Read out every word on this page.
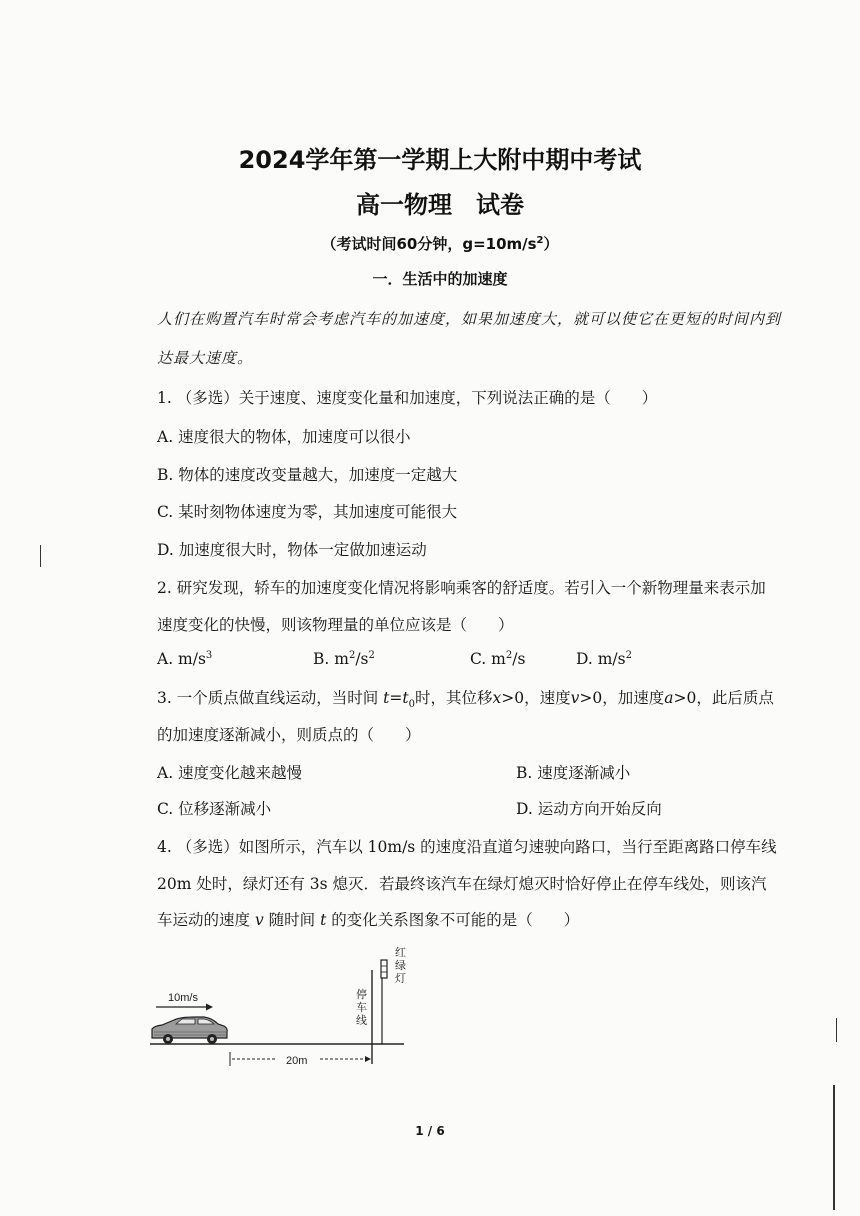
2024学年第一学期上大附中期中考试
高一物理　试卷
（考试时间60分钟，$g=10m/s^2$）
一．生活中的加速度
人们在购置汽车时常会考虑汽车的加速度，如果加速度大，就可以使它在更短的时间内到
达最大速度。
1. （多选）关于速度、速度变化量和加速度，下列说法正确的是（　　）
A. 速度很大的物体，加速度可以很小
B. 物体的速度改变量越大，加速度一定越大
C. 某时刻物体速度为零，其加速度可能很大
D. 加速度很大时，物体一定做加速运动
2. 研究发现，轿车的加速度变化情况将影响乘客的舒适度。若引入一个新物理量来表示加
速度变化的快慢，则该物理量的单位应该是（　　）
A. $m/s^3$	B. $m^2/s^2$	C. $m^2/s$	D. $m/s^2$
3. 一个质点做直线运动，当时间 $t=t_0$时，其位移x>0，速度v>0，加速度a>0，此后质点
的加速度逐渐减小，则质点的（　　）
A. 速度变化越来越慢	B. 速度逐渐减小
C. 位移逐渐减小	D. 运动方向开始反向
4. （多选）如图所示，汽车以 10m/s 的速度沿直道匀速驶向路口，当行至距离路口停车线
20m 处时，绿灯还有 3s 熄灭．若最终该汽车在绿灯熄灭时恰好停止在停车线处，则该汽
车运动的速度 v 随时间 t 的变化关系图象不可能的是（　　）
10m/s	停
车
线
红
绿
灯
20m
1 / 6
